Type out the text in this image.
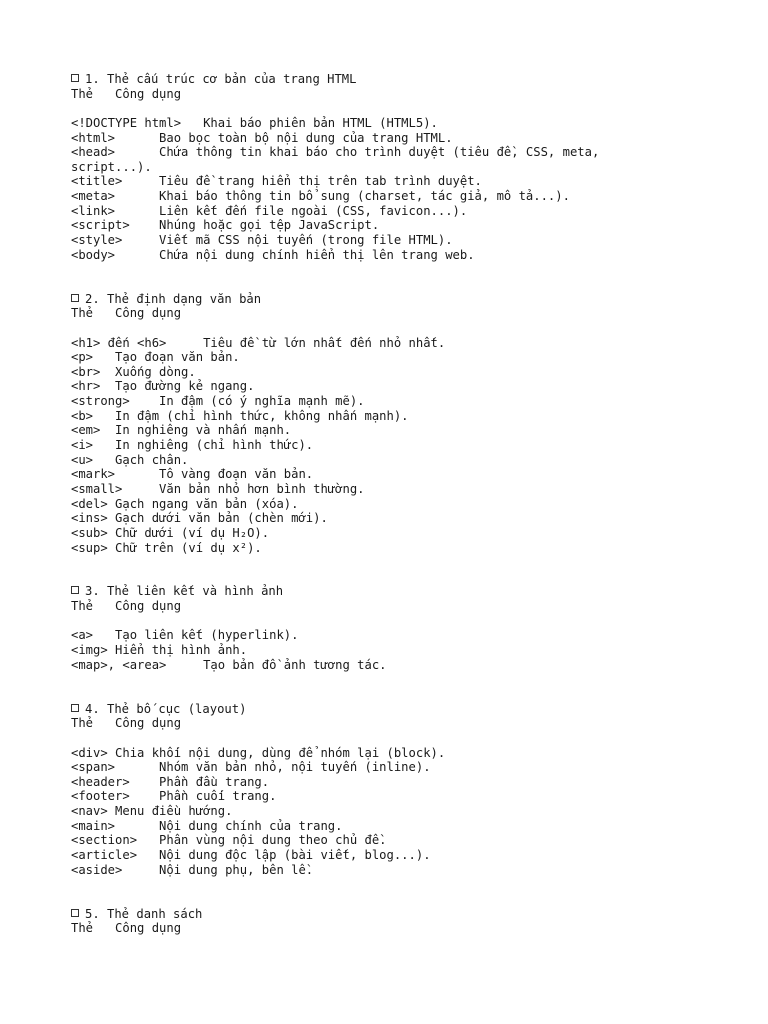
1. Thẻ cấu trúc cơ bản của trang HTML
Thẻ   Công dụng
<!DOCTYPE html>   Khai báo phiên bản HTML (HTML5).
<html>      Bao bọc toàn bộ nội dung của trang HTML.
<head>      Chứa thông tin khai báo cho trình duyệt (tiêu đề, CSS, meta,
script...).
<title>     Tiêu đề trang hiển thị trên tab trình duyệt.
<meta>      Khai báo thông tin bổ sung (charset, tác giả, mô tả...).
<link>      Liên kết đến file ngoài (CSS, favicon...).
<script>    Nhúng hoặc gọi tệp JavaScript.
<style>     Viết mã CSS nội tuyến (trong file HTML).
<body>      Chứa nội dung chính hiển thị lên trang web.
2. Thẻ định dạng văn bản
Thẻ   Công dụng
<h1> đến <h6>     Tiêu đề từ lớn nhất đến nhỏ nhất.
<p>   Tạo đoạn văn bản.
<br>  Xuống dòng.
<hr>  Tạo đường kẻ ngang.
<strong>    In đậm (có ý nghĩa mạnh mẽ).
<b>   In đậm (chỉ hình thức, không nhấn mạnh).
<em>  In nghiêng và nhấn mạnh.
<i>   In nghiêng (chỉ hình thức).
<u>   Gạch chân.
<mark>      Tô vàng đoạn văn bản.
<small>     Văn bản nhỏ hơn bình thường.
<del> Gạch ngang văn bản (xóa).
<ins> Gạch dưới văn bản (chèn mới).
<sub> Chữ dưới (ví dụ H₂O).
<sup> Chữ trên (ví dụ x²).
3. Thẻ liên kết và hình ảnh
Thẻ   Công dụng
<a>   Tạo liên kết (hyperlink).
<img> Hiển thị hình ảnh.
<map>, <area>     Tạo bản đồ ảnh tương tác.
4. Thẻ bố cục (layout)
Thẻ   Công dụng
<div> Chia khối nội dung, dùng để nhóm lại (block).
<span>      Nhóm văn bản nhỏ, nội tuyến (inline).
<header>    Phần đầu trang.
<footer>    Phần cuối trang.
<nav> Menu điều hướng.
<main>      Nội dung chính của trang.
<section>   Phân vùng nội dung theo chủ đề.
<article>   Nội dung độc lập (bài viết, blog...).
<aside>     Nội dung phụ, bên lề.
5. Thẻ danh sách
Thẻ   Công dụng
